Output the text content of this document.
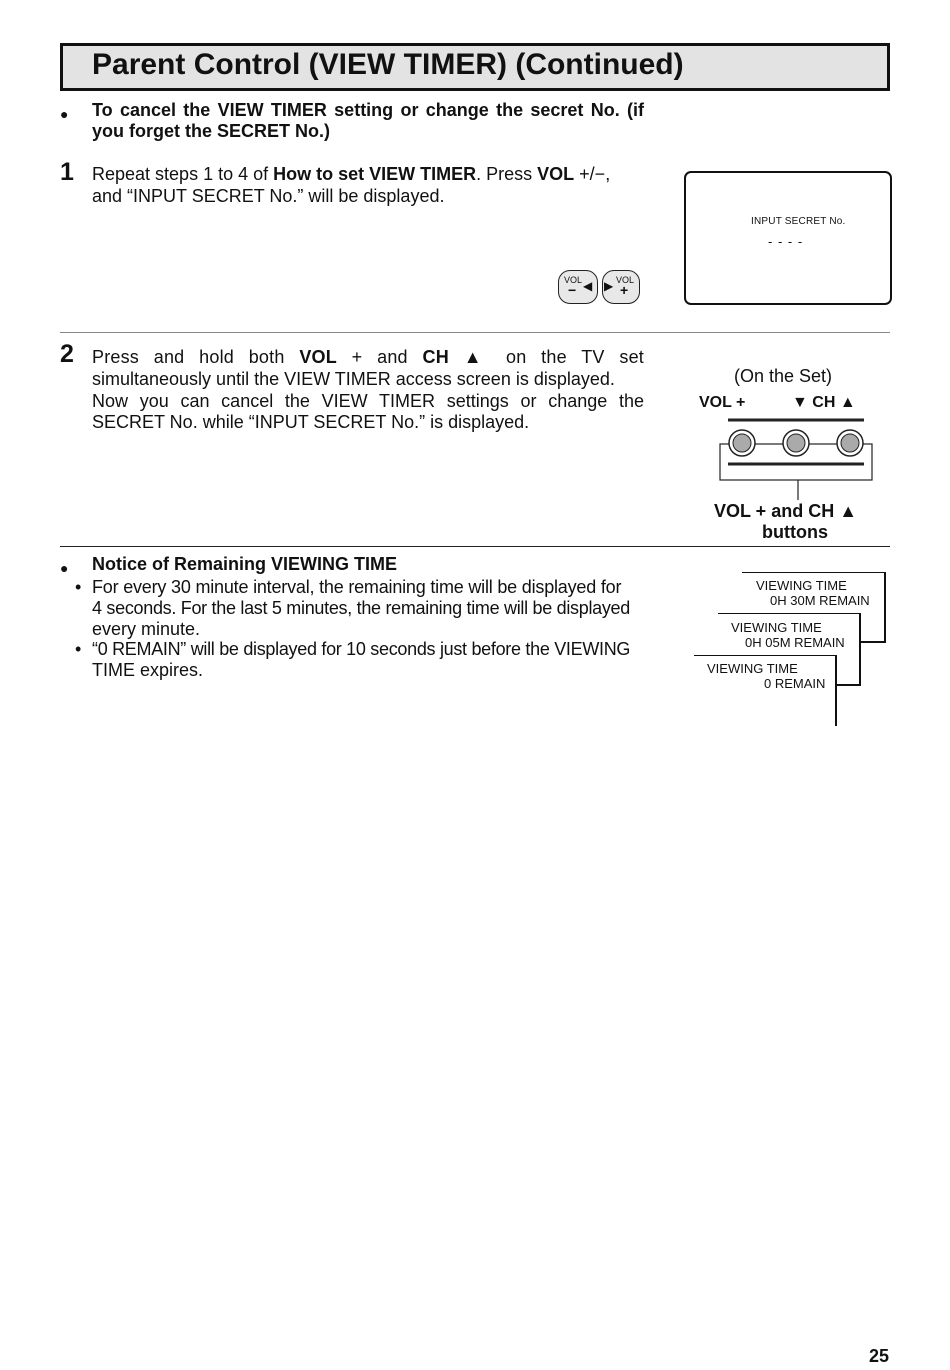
Parent Control (VIEW TIMER) (Continued)
● To cancel the VIEW TIMER setting or change the secret No. (if
you forget the SECRET No.)
1 Repeat steps 1 to 4 of How to set VIEW TIMER. Press VOL +/−,
and “INPUT SECRET No.” will be displayed.
INPUT SECRET No.
- - - -
VOL
− ◀ ▶ VOL
+
2 Press and hold both VOL + and CH ▲ on the TV set
simultaneously until the VIEW TIMER access screen is displayed.
Now you can cancel the VIEW TIMER settings or change the
SECRET No. while “INPUT SECRET No.” is displayed.
(On the Set)
VOL +	▼ CH ▲
VOL + and CH ▲
buttons
● Notice of Remaining VIEWING TIME
• For every 30 minute interval, the remaining time will be displayed for
4 seconds. For the last 5 minutes, the remaining time will be displayed
every minute.
• “0 REMAIN” will be displayed for 10 seconds just before the VIEWING
TIME expires.
VIEWING TIME
0H 30M REMAIN
VIEWING TIME
0H 05M REMAIN
VIEWING TIME
0 REMAIN
25
